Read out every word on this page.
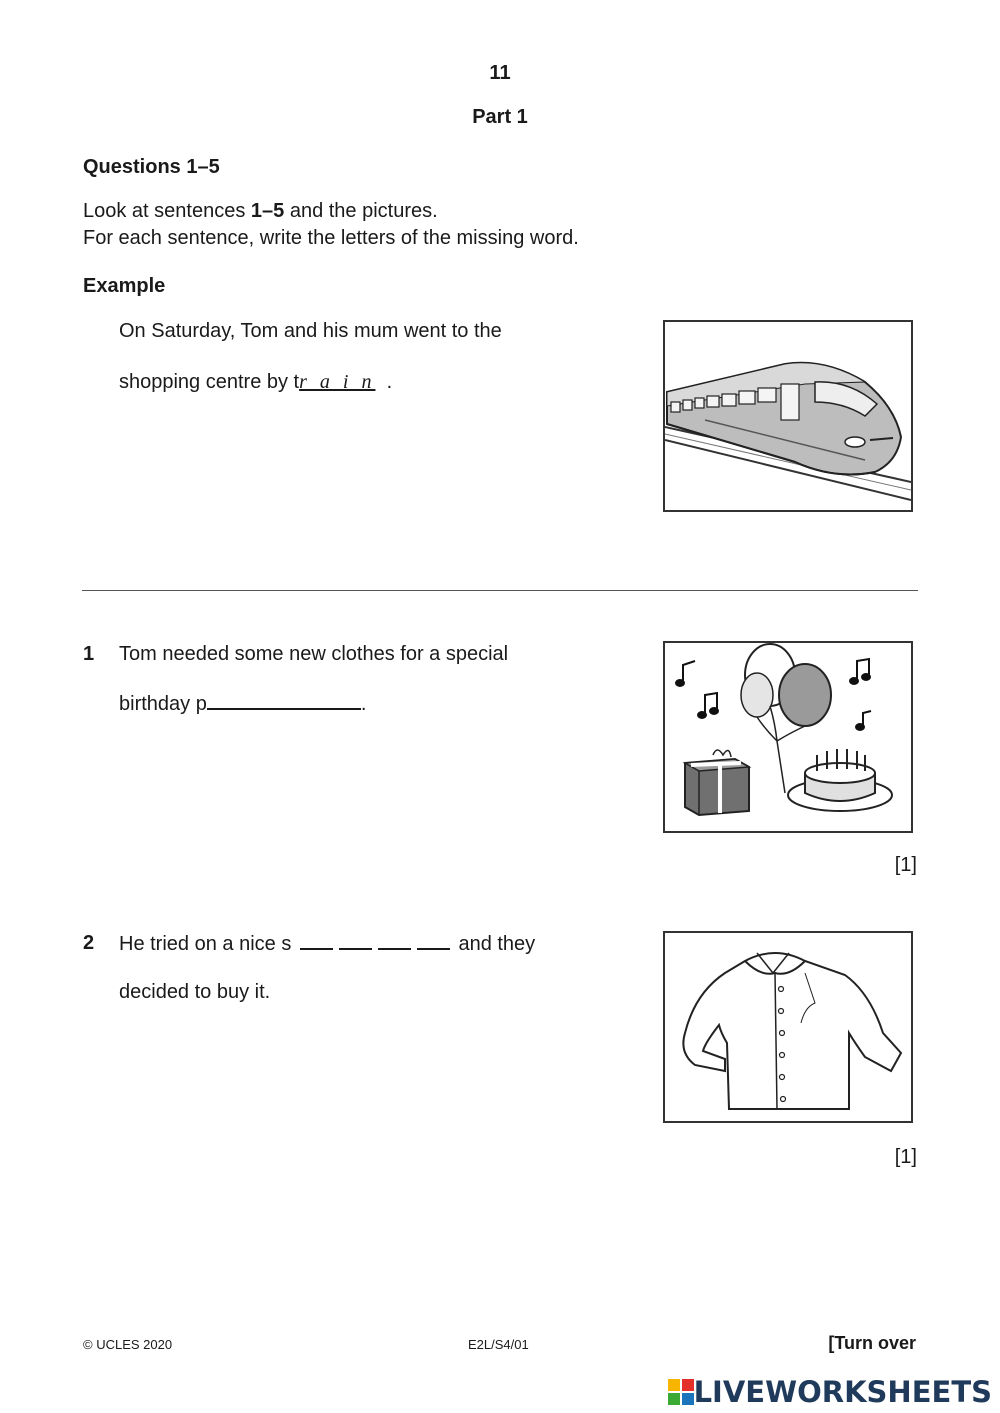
11
Part 1
Questions 1–5
Look at sentences 1–5 and the pictures.
For each sentence, write the letters of the missing word.
Example
On Saturday, Tom and his mum went to the
shopping centre by tr a i n .
1 Tom needed some new clothes for a special
birthday p	.
[1]
2 He tried on a nice s	and they
decided to buy it.
[1]
© UCLES 2020	E2L/S4/01	[Turn over
LIVEWORKSHEETS
